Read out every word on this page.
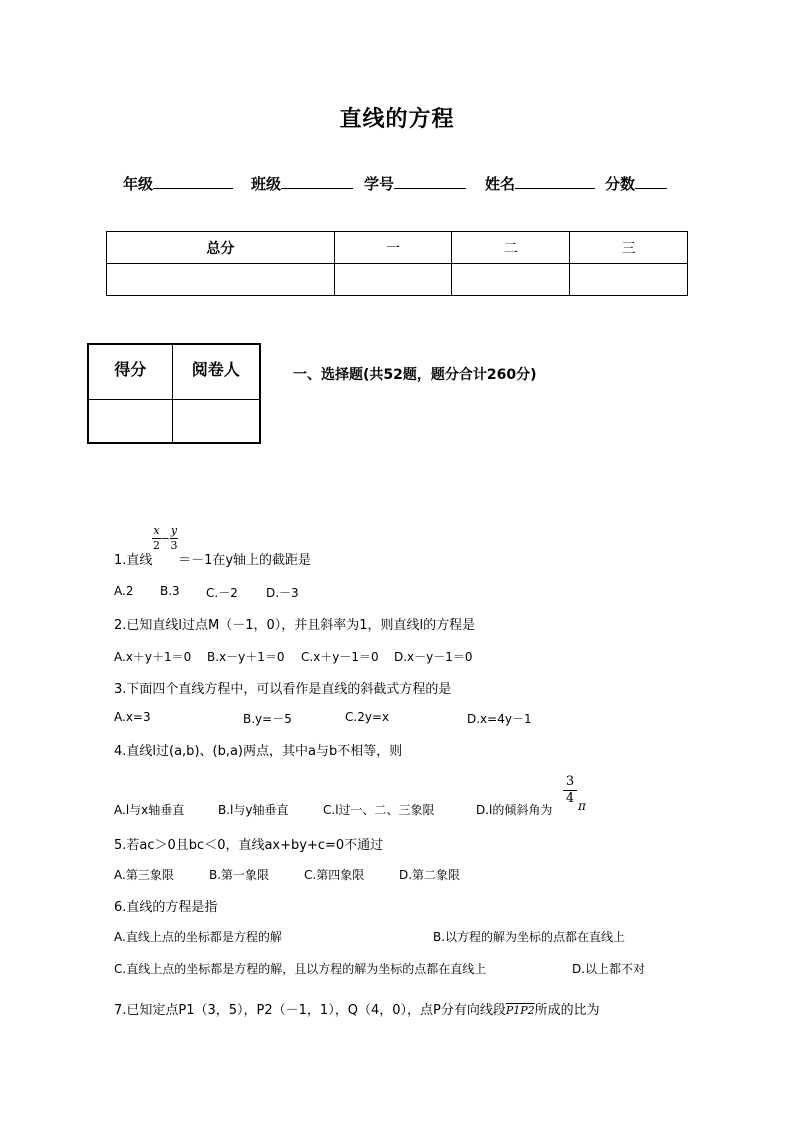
直线的方程
年级	班级	学号	姓名	分数
总分	一	二	三

得分	阅卷人
		一、选择题(共52题，题分合计260分)
1.直线
$\frac{x}{2} - \frac{y}{3}$
＝－1在y轴上的截距是
A.2 B.3 C.－2 D.－3
2.已知直线l过点M（－1，0），并且斜率为1，则直线l的方程是
A.x＋y＋1＝0 B.x－y＋1＝0 C.x＋y－1＝0 D.x－y－1＝0
3.下面四个直线方程中，可以看作是直线的斜截式方程的是
A.x=3	B.y=－5	C.2y=x	D.x=4y－1
4.直线l过(a,b)、(b,a)两点，其中a与b不相等，则
A.l与x轴垂直	B.l与y轴垂直	C.l过一、二、三象限	D.l的倾斜角为
$\frac{3}{4}$ π
5.若ac＞0且bc＜0，直线ax+by+c=0不通过
A.第三象限	B.第一象限	C.第四象限	D.第二象限
6.直线的方程是指
A.直线上点的坐标都是方程的解	B.以方程的解为坐标的点都在直线上
C.直线上点的坐标都是方程的解，且以方程的解为坐标的点都在直线上	D.以上都不对
7.已知定点P1（3，5），P2（－1，1），Q（4，0），点P分有向线段P1P2所成的比为
